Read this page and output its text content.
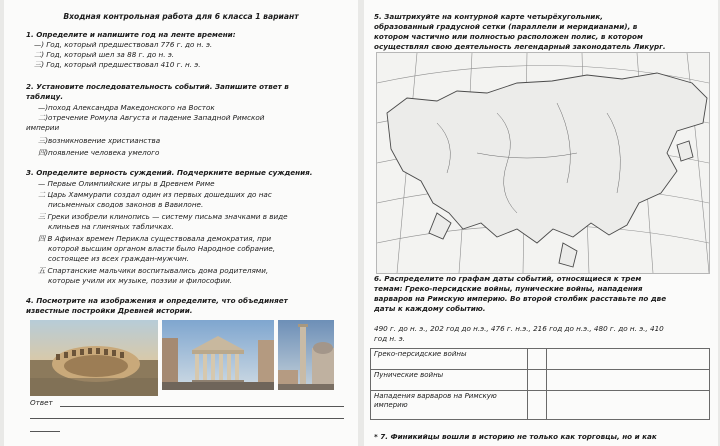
Входная контрольная работа для 6 класса 1 вариант
1. Определите и напишите год на ленте времени:
—) Год, который предшествовал 776 г. до н. э.
二) Год, который шел за 88 г. до н. э.
三) Год, который предшествовал 410 г. н. э.
2. Установите последовательность событий. Запишите ответ в
таблицу.
—)поход Александра Македонского на Восток
二)отречение Ромула Августа и падение Западной Римской
империи
三)возникновение христианства
四)появление человека умелого
3. Определите верность суждений. Подчеркните верные суждения.
— Первые Олимпийские игры в Древнем Риме
二 Царь Хаммурапи создал один из первых дошедших до нас
письменных сводов законов в Вавилоне.
三 Греки изобрели клинопись — систему письма значками в виде
клиньев на глиняных табличках.
四 В Афинах времен Перикла существовала демократия, при
которой высшим органом власти было Народное собрание,
состоящее из всех граждан-мужчин.
五 Спартанские мальчики воспитывались дома родителями,
которые учили их музыке, поэзии и философии.
4. Посмотрите на изображения и определите, что объединяет
известные постройки Древней истории.
Ответ
5. Заштрихуйте на контурной карте четырёхугольник,
образованный градусной сетки (параллели и меридианами), в
котором частично или полностью расположен полис, в котором
осуществлял свою деятельность легендарный законодатель Ликург.
6. Распределите по графам даты событий, относящиеся к трем
темам: Греко-персидские войны, пунические войны, нападения
варваров на Римскую империю. Во второй столбик расставьте по две
даты к каждому событию.
490 г. до н. э., 202 год до н.э., 476 г. н.э., 216 год до н.э., 480 г. до н. э., 410
год н. э.
Греко-персидские войны		
Пунические войны		
Нападения варваров на Римскую империю		
* 7. Финикийцы вошли в историю не только как торговцы, но и как
